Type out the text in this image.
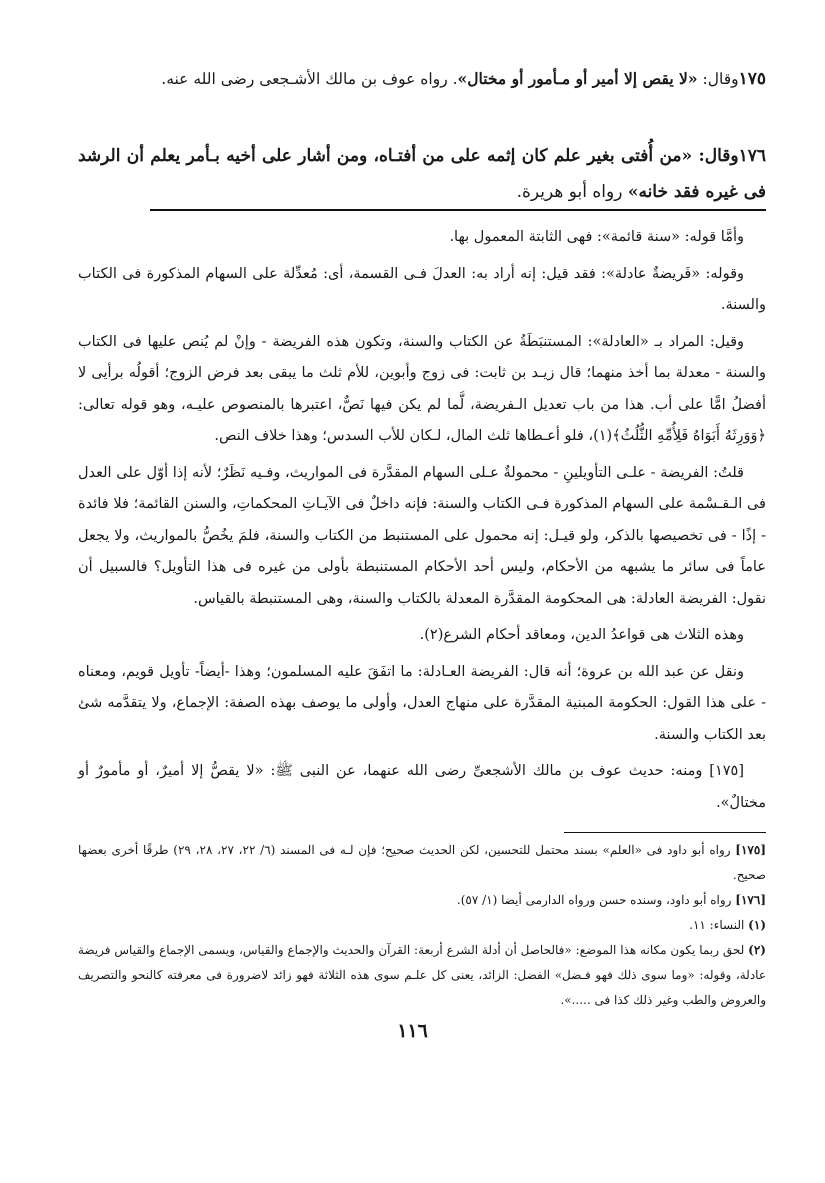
١٧٥وقال: «لا يقص إلا أمير أو مـأمور أو مختال». رواه عوف بن مالك الأشـجعى رضى الله عنه.
١٧٦وقال: «من أُفتى بغير علم كان إثمه على من أفتـاه، ومن أشار على أخيه بـأمر يعلم أن الرشد فى غيره فقد خانه» رواه أبو هريرة.

وأمَّا قوله: «سنة قائمة»: فهى الثابتة المعمول بها.

وقوله: «فَريضةٌ عادلة»: فقد قيل: إنه أراد به: العدلَ فـى القسمة، أى: مُعدِّلة على السهام المذكورة فى الكتاب والسنة.

وقيل: المراد بـ «العادلة»: المستنبَطَةُ عن الكتاب والسنة، وتكون هذه الفريضة - وإنْ لم يُنص عليها فى الكتاب والسنة - معدلة بما أخذ منهما؛ قال زيـد بن ثابت: فى زوج وأبوين، للأم ثلث ما يبقى بعد فرض الزوج؛ أقولُه برأيى لا أفضلُ امًّا على أب. هذا من باب تعديل الـفريضة، لَّما لم يكن فيها نَصٌّ، اعتبرها بالمنصوص عليـه، وهو قوله تعالى: ﴿وَوَرِثَهُ أَبَوَاهُ فَلِأُمِّهِ الثُّلُثُ﴾(١)، فلو أعـطاها ثلث المال، لـكان للأب السدس؛ وهذا خلاف النص.

قلتُ: الفريضة - علـى التأويلينِ - محمولةٌ عـلى السهام المقدَّرة فى المواريث، وفـيه نَظَرٌ؛ لأنه إذا أوّل على العدل فى الـقـسْمة على السهام المذكورة فـى الكتاب والسنة: فإنه داخلٌ فى الآيـاتِ المحكماتِ، والسنن القائمة؛ فلا فائدة - إذًا - فى تخصيصها بالذكر، ولو قيـل: إنه محمول على المستنبط من الكتاب والسنة، فلمَ يخُصُّ بالمواريث، ولا يجعل عاماً فى سائر ما يشبهه من الأحكام، وليس أحد الأحكام المستنبطة بأولى من غيره فى هذا التأويل؟ فالسبيل أن نقول: الفريضة العادلة: هى المحكومة المقدَّرة المعدلة بالكتاب والسنة، وهى المستنبطة بالقياس.

وهذه الثلاث هى قواعدُ الدين، ومعاقد أحكام الشرع(٢).

ونقل عن عبد الله بن عروة؛ أنه قال: الفريضة العـادلة: ما اتفَقَ عليه المسلمون؛ وهذا -أيضاً- تأويل قويم، ومعناه - على هذا القول: الحكومة المبنية المقدَّرة على منهاج العدل، وأولى ما يوصف بهذه الصفة: الإجماع، ولا يتقدَّمه شئ بعد الكتاب والسنة.

[١٧٥] ومنه: حديث عوف بن مالك الأشجعىِّ رضى الله عنهما، عن النبى ﷺ: «لا يقصُّ إلا أميرٌ، أو مأمورٌ أو مختالٌ».

[١٧٥] رواه أبو داود فى «العلم» بسند محتمل للتحسين، لكن الحديث صحيح؛ فإن لـه فى المسند (٦/ ٢٢، ٢٧، ٢٨، ٢٩) طرقًا أخرى بعضها صحيح.

[١٧٦] رواه أبو داود، وسنده حسن ورواه الدارمى أيضا (١/ ٥٧).

(١) النساء: ١١.

(٢) لحق ربما يكون مكانه هذا الموضع: «فالحاصل أن أدلة الشرع أربعة: القرآن والحديث والإجماع والقياس، ويسمى الإجماع والقياس فريضة عادلة، وقوله: «وما سوى ذلك فهو فـضل» الفضل: الزائد، يعنى كل علـم سوى هذه الثلاثة فهو زائد لاضرورة فى معرفته كالنحو والتصريف والعروض والطب وغير ذلك كذا فى .....».

١١٦
